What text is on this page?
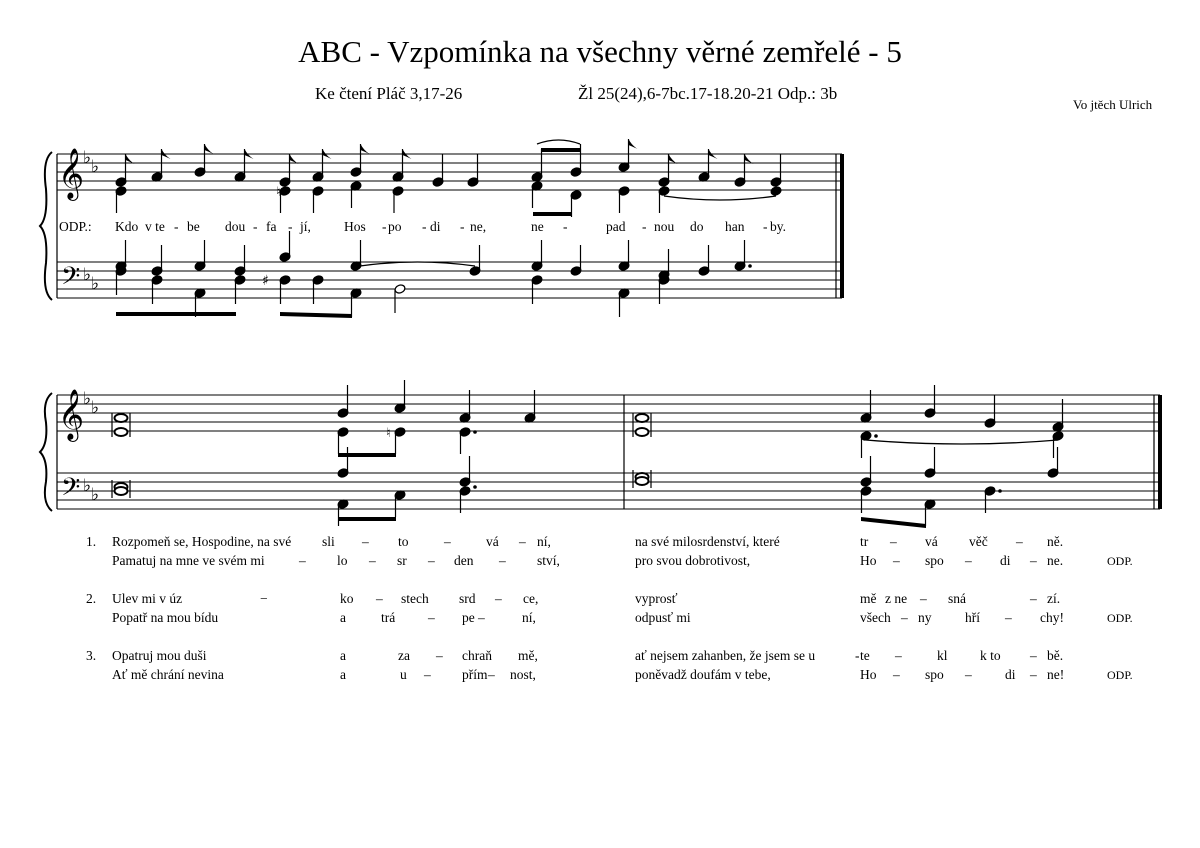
ABC - Vzpomínka na všechny věrné zemřelé - 5
Ke čtení Pláč 3,17-26	Žl 25(24),6-7bc.17-18.20-21 Odp.: 3b
Vo jtěch Ulrich
𝄞
𝄢
♭ ♭
♭ ♭
♮
♯
𝄞
𝄢
♭ ♭
♭ ♭
♮
ODP.: Kdo v te - be dou - fa - jí, Hos - po - di - ne,	ne -	pad - nou do han - by.
1. Rozpomeň se, Hospodine, na své sli – to	–	vá – ní,	na své milosrdenství, které	tr – vá věč – ně.
Pamatuj na mne ve svém mi	– lo – sr – den – ství,	pro svou dobrotivost,	Ho – spo – di – ne.	ODP.
2. Ulev mi v úz	−	ko – stech srd – ce,	vyprosť	mě z ne – sná	– zí.
Popatř na mou bídu	a	trá – pe –	ní,	odpusť mi	všech – ny hří – chy!	ODP.
3. Opatruj mou duši	a	za – chraň mě,	ať nejsem zahanben, že jsem se u	- te –	kl k to – bě.
Ať mě chrání nevina	a	u – přím – nost,	poněvadž doufám v tebe,	Ho – spo – di – ne!	ODP.
